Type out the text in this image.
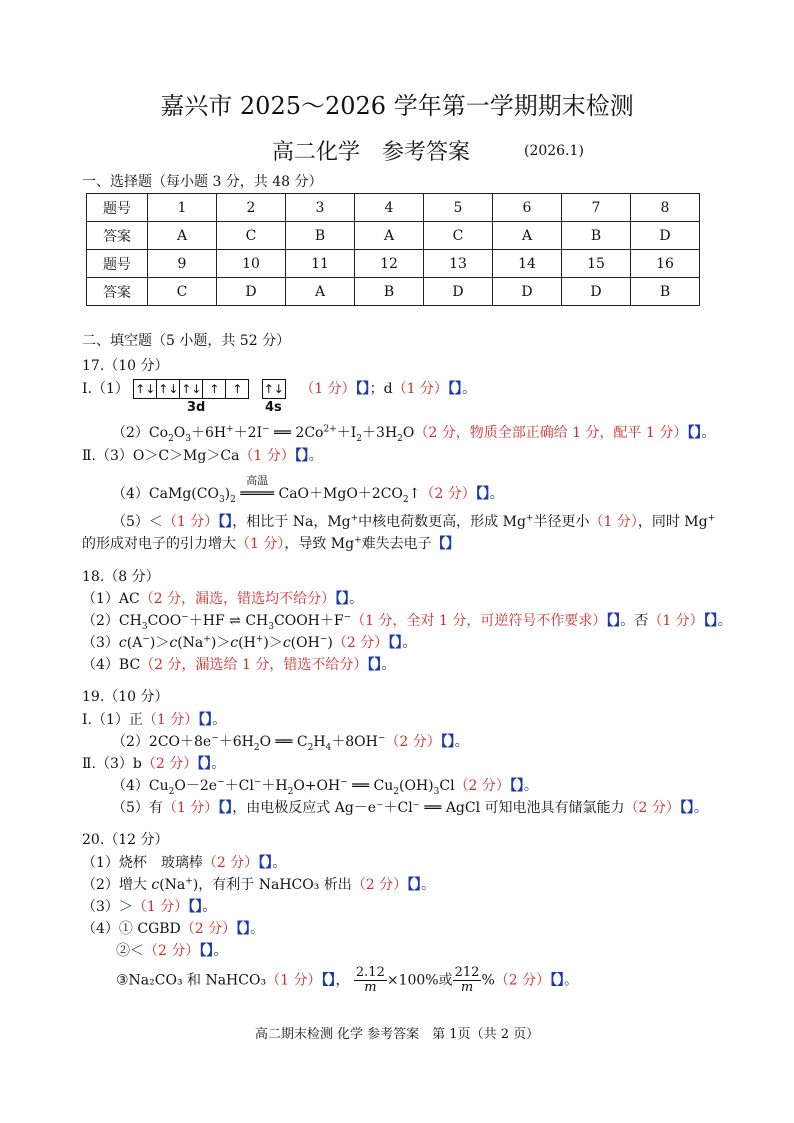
嘉兴市 2025～2026 学年第一学期期末检测
高二化学　参考答案	(2026.1)
一、选择题（每小题 3 分，共 48 分）
题号	1	2	3	4	5	6	7	8
答案	A	C	B	A	C	A	B	D
题号	9	10	11	12	13	14	15	16
答案	C	D	A	B	D	D	D	B
二、填空题（5 小题，共 52 分）
17.（10 分）
Ⅰ.（1） ↑↓ ↑↓ ↑↓ ↑ ↑ ↑↓ （1 分）【】；d（1 分）【】。
3d	4s
$(2)Co_2O_3+6H^++2I^-$ ══ $2Co^{2+}+I_2+3H_2O(2$ 分，物质全部正确给 1 分，配平 1 分）【】。
Ⅱ.（3）O＞C＞Mg＞Ca（1 分）【】。
$(4)CaMg(CO_3)_2$
高温
════ $CaO+MgO+2CO_2↑(2$ 分）【】。
（5）＜（1 分）【】，相比于 Na，Mg+中核电荷数更高，形成 Mg+半径更小（1 分），同时 Mg+
的形成对电子的引力增大（1 分），导致 Mg+难失去电子【】
18.（8 分）
（1）AC（2 分，漏选，错选均不给分）【】。
$(2)CH_3COO^-+HF$ ⇌ $CH_3COOH+F^-(1$ 分，全对 1 分，可逆符号不作要求）【】。否（1 分）【】。
（3）c(A−)＞c(Na+)＞c(H+)＞c(OH−)（2 分）【】。
（4）BC（2 分，漏选给 1 分，错选不给分）【】。
19.（10 分）
Ⅰ.（1）正（1 分）【】。
$(2)2CO+8e^-+6H_2O$ ══ $C_2H_4+8OH^-(2$ 分）【】。
Ⅱ.（3）b（2 分）【】。
$(4)Cu_2O-2e^-+Cl^-+H_2O+OH^-$ ══ $Cu_2(OH)_3Cl(2$ 分）【】。
（5）有（1 分）【】，由电极反应式 Ag－e⁻＋Cl⁻ ══ AgCl 可知电池具有储氯能力（2 分）【】。
20.（12 分）
（1）烧杯　玻璃棒（2 分）【】。
（2）增大 c(Na+)，有利于 NaHCO₃ 析出（2 分）【】。
（3）＞（1 分）【】。
（4）① CGBD（2 分）【】。
②＜（2 分）【】。
③Na₂CO₃ 和 NaHCO₃（1 分）【】， $\frac{2.12}{m} \times 100\%$或 $\frac{212}{m} \%(2$ 分）【】。
高二期末检测 化学 参考答案　第 1页（共 2 页）
